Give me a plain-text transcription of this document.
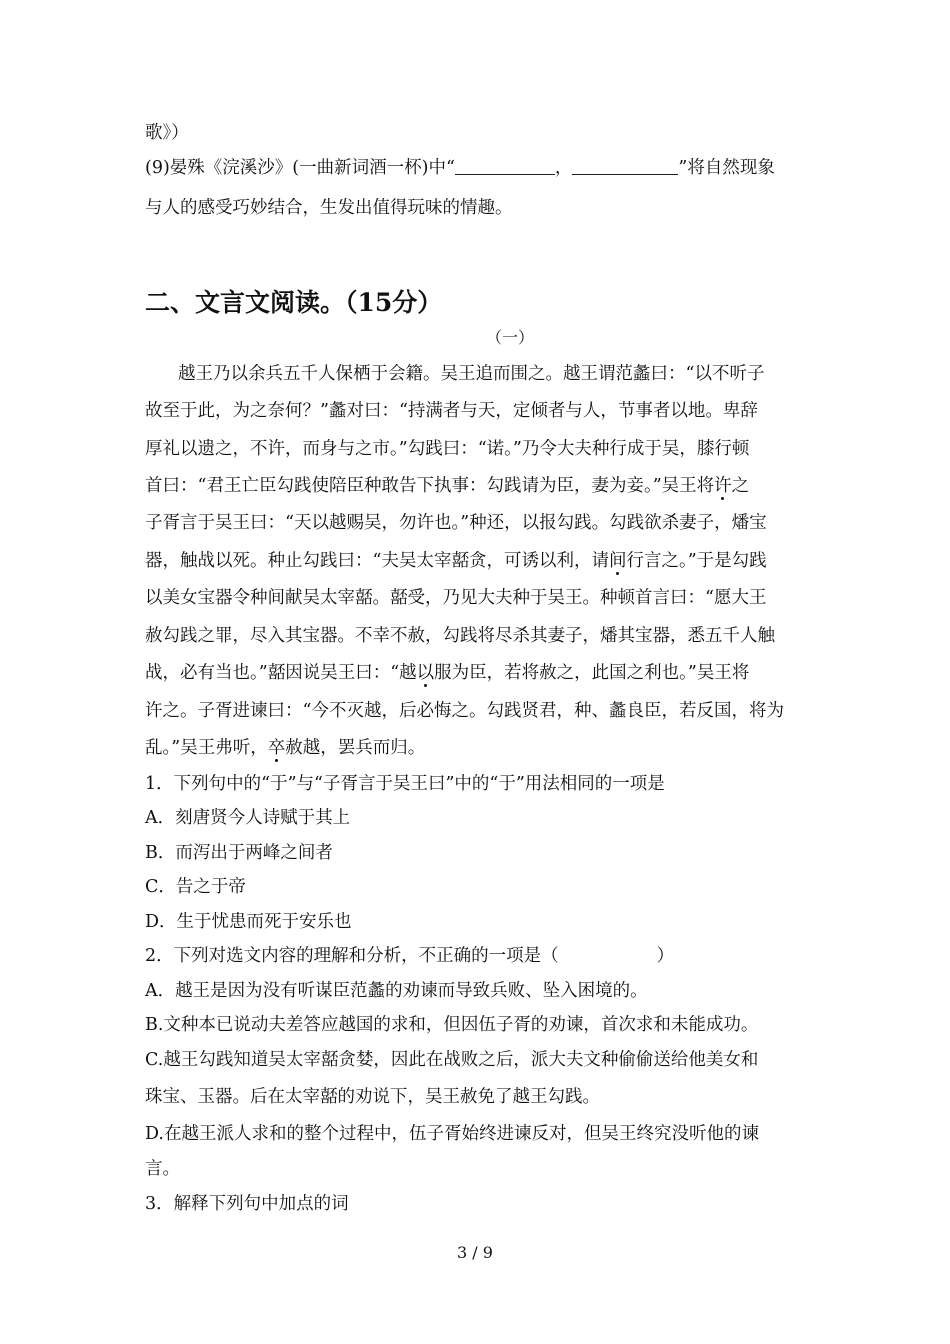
歌》）
(9)晏殊《浣溪沙》(一曲新词酒一杯)中“	，	”将自然现象
与人的感受巧妙结合，生发出值得玩味的情趣。
二、文言文阅读。（15分）
（一）
越王乃以余兵五千人保栖于会籍。吴王追而围之。越王谓范蠡曰：“以不听子
故至于此，为之奈何？”蠡对曰：“持满者与天，定倾者与人，节事者以地。卑辞
厚礼以遗之，不许，而身与之市。”勾践曰：“诺。”乃令大夫种行成于吴，膝行顿
首曰：“君王亡臣勾践使陪臣种敢告下执事：勾践请为臣，妻为妾。”吴王将许之
子胥言于吴王曰：“天以越赐吴，勿许也。”种还，以报勾践。勾践欲杀妻子，燔宝
器，触战以死。种止勾践曰：“夫吴太宰嚭贪，可诱以利，请间行言之。”于是勾践
以美女宝器令种间献吴太宰嚭。嚭受，乃见大夫种于吴王。种顿首言曰：“愿大王
赦勾践之罪，尽入其宝器。不幸不赦，勾践将尽杀其妻子，燔其宝器，悉五千人触
战，必有当也。”嚭因说吴王曰：“越以服为臣，若将赦之，此国之利也。”吴王将
许之。子胥进谏曰：“今不灭越，后必悔之。勾践贤君，种、蠡良臣，若反国，将为
乱。”吴王弗听，卒赦越，罢兵而归。
1．下列句中的“于”与“子胥言于吴王曰”中的“于”用法相同的一项是
A．刻唐贤今人诗赋于其上
B．而泻出于两峰之间者
C．告之于帝
D．生于忧患而死于安乐也
2．下列对选文内容的理解和分析，不正确的一项是（	）
A．越王是因为没有听谋臣范蠡的劝谏而导致兵败、坠入困境的。
B.文种本已说动夫差答应越国的求和，但因伍子胥的劝谏，首次求和未能成功。
C.越王勾践知道吴太宰嚭贪婪，因此在战败之后，派大夫文种偷偷送给他美女和
珠宝、玉器。后在太宰嚭的劝说下，吴王赦免了越王勾践。
D.在越王派人求和的整个过程中，伍子胥始终进谏反对，但吴王终究没听他的谏
言。
3．解释下列句中加点的词
3 / 9
